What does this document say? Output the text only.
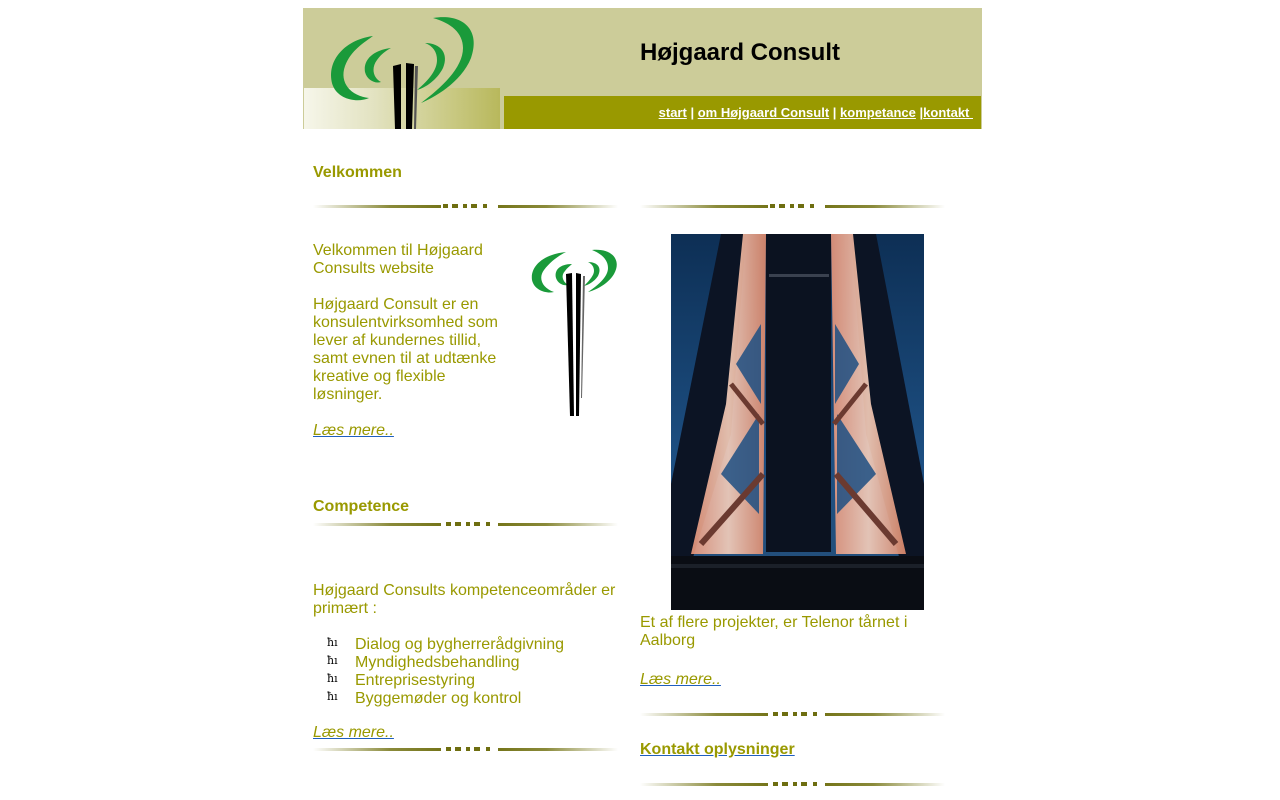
Højgaard Consult
start | om Højgaard Consult | kompetance |kontakt
Velkommen
Velkommen til Højgaard Consults website
Højgaard Consult er en konsulentvirksomhed som lever af kundernes tillid, samt evnen til at udtænke kreative og flexible løsninger.
Læs mere..
Competence
Højgaard Consults kompetenceområder er primært :
ħı Dialog og bygherrerådgivning
ħı Myndighedsbehandling
ħı Entreprisestyring
ħı Byggemøder og kontrol
Læs mere..
Et af flere projekter, er Telenor tårnet i Aalborg
Læs mere..
Kontakt oplysninger
